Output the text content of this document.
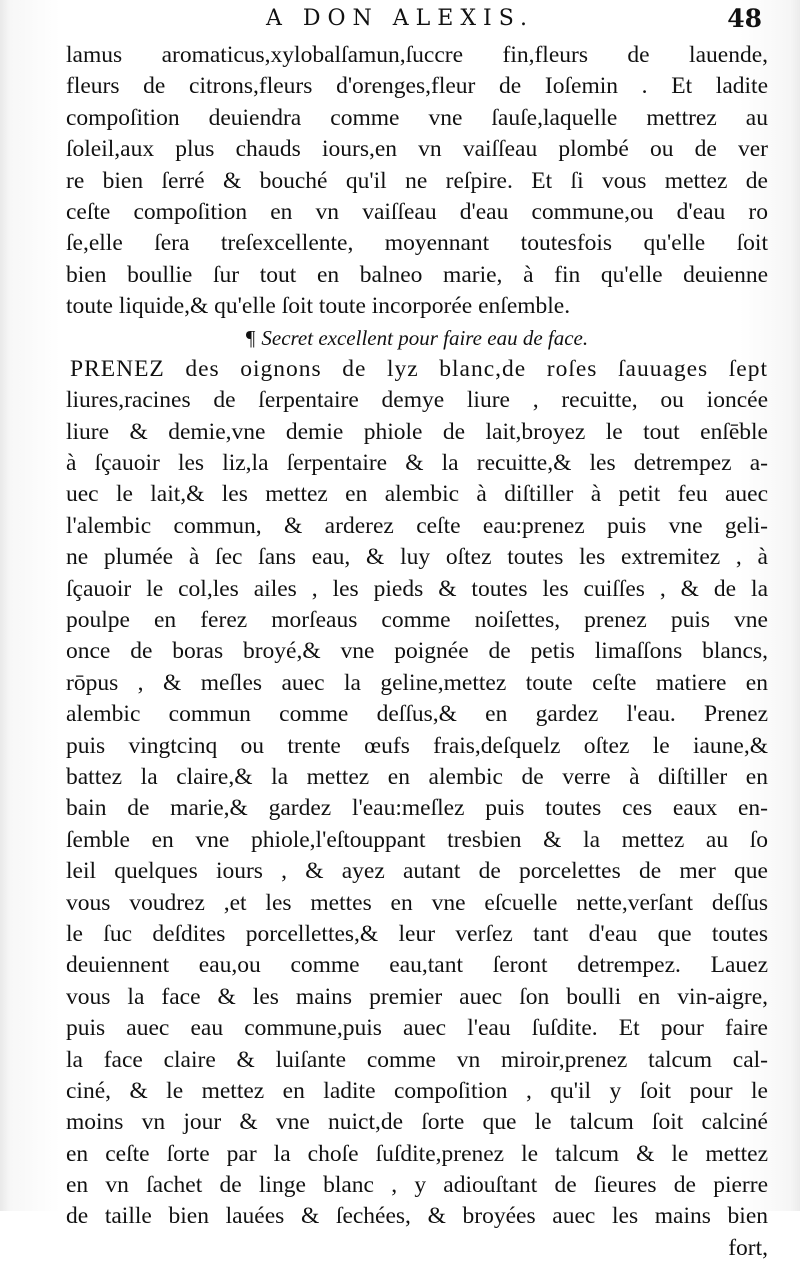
A DON ALEXIS.	48
lamus aromaticus,xylobalſamun,ſuccre fin,fleurs de lauende,
fleurs de citrons,fleurs d'orenges,fleur de Ioſemin . Et ladite
compoſition deuiendra comme vne ſauſe,laquelle mettrez au
ſoleil,aux plus chauds iours,en vn vaiſſeau plombé ou de ver
re bien ſerré & bouché qu'il ne reſpire. Et ſi vous mettez de
ceſte compoſition en vn vaiſſeau d'eau commune,ou d'eau ro
ſe,elle ſera treſexcellente, moyennant toutesfois qu'elle ſoit
bien boullie ſur tout en balneo marie, à fin qu'elle deuienne
toute liquide,& qu'elle ſoit toute incorporée enſemble.
¶ Secret excellent pour faire eau de face.
PRENEZ des oignons de lyz blanc,de roſes ſauuages ſept
liures,racines de ſerpentaire demye liure , recuitte, ou ioncée
liure & demie,vne demie phiole de lait,broyez le tout enſēble
à ſçauoir les liz,la ſerpentaire & la recuitte,& les detrempez a-
uec le lait,& les mettez en alembic à diſtiller à petit feu auec
l'alembic commun, & arderez ceſte eau:prenez puis vne geli-
ne plumée à ſec ſans eau, & luy oſtez toutes les extremitez , à
ſçauoir le col,les ailes , les pieds & toutes les cuiſſes , & de la
poulpe en ferez morſeaus comme noiſettes, prenez puis vne
once de boras broyé,& vne poignée de petis limaſſons blancs,
rōpus , & meſles auec la geline,mettez toute ceſte matiere en
alembic commun comme deſſus,& en gardez l'eau. Prenez
puis vingtcinq ou trente œufs frais,deſquelz oſtez le iaune,&
battez la claire,& la mettez en alembic de verre à diſtiller en
bain de marie,& gardez l'eau:meſlez puis toutes ces eaux en-
ſemble en vne phiole,l'eſtouppant tresbien & la mettez au ſo
leil quelques iours , & ayez autant de porcelettes de mer que
vous voudrez ,et les mettes en vne eſcuelle nette,verſant deſſus
le ſuc deſdites porcellettes,& leur verſez tant d'eau que toutes
deuiennent eau,ou comme eau,tant ſeront detrempez. Lauez
vous la face & les mains premier auec ſon boulli en vin-aigre,
puis auec eau commune,puis auec l'eau ſuſdite. Et pour faire
la face claire & luiſante comme vn miroir,prenez talcum cal-
ciné, & le mettez en ladite compoſition , qu'il y ſoit pour le
moins vn jour & vne nuict,de ſorte que le talcum ſoit calciné
en ceſte ſorte par la choſe ſuſdite,prenez le talcum & le mettez
en vn ſachet de linge blanc , y adiouſtant de ſieures de pierre
de taille bien lauées & ſechées, & broyées auec les mains bien
fort,
